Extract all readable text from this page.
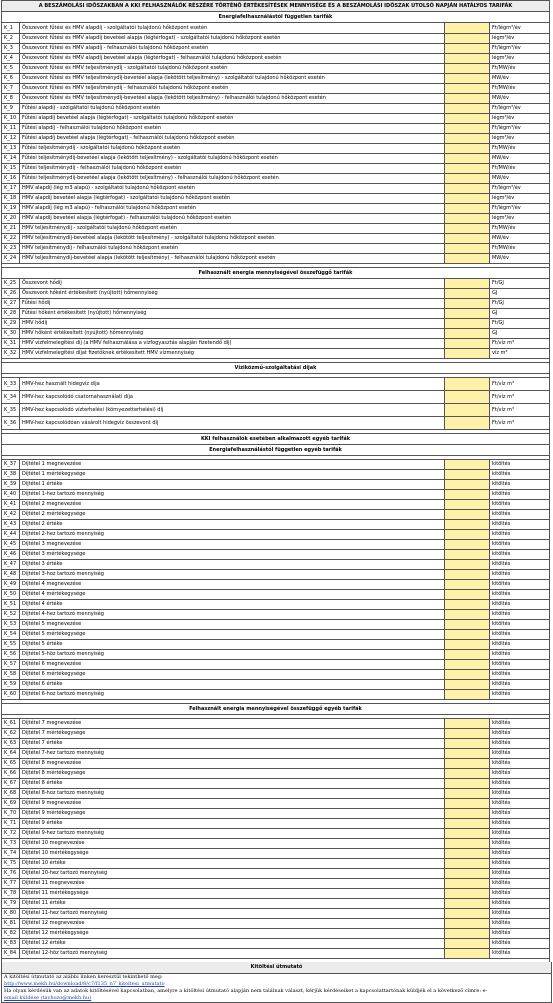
A BESZÁMOLÁSI IDŐSZAKBAN A KKI FELHASZNÁLÓK RÉSZÉRE TÖRTÉNŐ ÉRTÉKESÍTÉSEK MENNYISÉGE ÉS A BESZÁMOLÁSI IDŐSZAK UTOLSÓ NAPJÁN HATÁLYOS TARIFÁK			
Energiafelhasználástól független tarifák			
K_1	Összevont fűtési és HMV alapdíj - szolgáltatói tulajdonú hőközpont esetén		Ft/légm³/év
K_2	Összevont fűtési és HMV alapdíj bevetéel alapja (légtérfogat) - szolgáltatói tulajdonú hőközpont esetén		légm³/év
K_3	Összevont fűtési és HMV alapdíj - felhasználói tulajdonú hőközpont esetén		Ft/légm³/év
K_4	Összevont fűtési és HMV alapdíj bevetéel alapja (légtérfogat) - felhasználói tulajdonú hőközpont esetén		légm³/év
K_5	Összevont fűtési és HMV teljesítménydíj - szolgáltatói tulajdonú hőközpont esetén		Ft/MW/év
K_6	Összevont fűtési és HMV teljesítménydíj-bevetéel alapja (lekötött teljesítmény) - szolgáltatói tulajdonú hőközpont esetén		MW/év
K_7	Összevont fűtési és HMV teljesítménydíj - felhasználói tulajdonú hőközpont esetén		Ft/MW/év
K_8	Összevont fűtési és HMV teljesítménydíj-bevetéel alapja (lekötött teljesítmény) - felhasználói tulajdonú hőközpont esetén		MW/év
K_9	Fűtési alapdíj - szolgáltatói tulajdonú hőközpont esetén		Ft/légm³/év
K_10	Fűtési alapdíj bevetéel alapja (légtérfogat) - szolgáltatói tulajdonú hőközpont esetén		légm³/év
K_11	Fűtési alapdíj - felhasználói tulajdonú hőközpont esetén		Ft/légm³/év
K_12	Fűtési alapdíj bevetéel alapja (légtérfogat) - felhasználói tulajdonú hőközpont esetén		légm³/év
K_13	Fűtési teljesítménydíj - szolgáltatói tulajdonú hőközpont esetén		Ft/MW/év
K_14	Fűtési teljesítménydíj-bevetéel alapja (lekötött teljesítmény) - szolgáltatói tulajdonú hőközpont esetén		MW/év
K_15	Fűtési teljesítménydíj - felhasználói tulajdonú hőközpont esetén		Ft/MW/év
K_16	Fűtési teljesítménydíj-bevetéel alapja (lekötött teljesítmény) - felhasználói tulajdonú hőközpont esetén		MW/év
K_17	HMV alapdíj (lég m3 alapú) - szolgáltatói tulajdonú hőközpont esetén		Ft/légm³/év
K_18	HMV alapdíj bevetéel alapja (légtérfogat) - szolgáltatói tulajdonú hőközpont esetén		légm³/év
K_19	HMV alapdíj (lég m3 alapú) - felhasználói tulajdonú hőközpont esetén		Ft/légm³/év
K_20	HMV alapdíj bevetéel alapja (légtérfogat) - felhasználói tulajdonú hőközpont esetén		légm³/év
K_21	HMV teljesítménydíj - szolgáltatói tulajdonú hőközpont esetén		Ft/MW/év
K_22	HMV teljesítménydíj-bevetéel alapja (lekötött teljesítmény) - szolgáltatói tulajdonú hőközpont esetén		MW/év
K_23	HMV teljesítménydíj - felhasználói tulajdonú hőközpont esetén		Ft/MW/év
K_24	HMV teljesítménydíj-bevetéel alapja (lekötött teljesítmény) - felhasználói tulajdonú hőközpont esetén		MW/év

Felhasznált energia mennyiségével összefüggő tarifák			
K_25	Összevont hődíj		Ft/GJ
K_26	Összevont hőként értékesített (nyújtott) hőmennyiség		GJ
K_27	Fűtési hődíj		Ft/GJ
K_28	Fűtési hőként értékesített (nyújtott) hőmennyiség		GJ
K_29	HMV hődíj		Ft/GJ
K_30	HMV hőként értékesített (nyújtott) hőmennyiség		GJ
K_31	HMV vízfelmelegítési díj (a HMV felhasználása a vízfogyasztás alapján fizetendő díj)		Ft/víz m³
K_32	HMV vízfelmelegítési díjat fizetőknek értékesített HMV vízmennyiség		víz m³

Víziközmű-szolgáltatási díjak			

K_33	HMV-hez használt hidegvíz díja		Ft/víz m³
K_34	HMV-hez kapcsolódó csatornahasználati díja		Ft/víz m³
K_35	HMV-hez kapcsolódó vízterhelési (környezetterhelési) díj		Ft/víz m³
K_36	HMV-hez kapcsolódóan vásárolt hidegvíz összevont díj		Ft/víz m³

KKI felhasználók esetében alkalmazott egyéb tarifák			
Energiafelhasználástól független egyéb tarifák			

K_37	Díjtétel 1 megnevezése		kitöltés
K_38	Díjtétel 1 mértékegysége		kitöltés
K_39	Díjtétel 1 értéke		kitöltés
K_40	Díjtétel 1-hez tartozó mennyiség		kitöltés
K_41	Díjtétel 2 megnevezése		kitöltés
K_42	Díjtétel 2 mértékegysége		kitöltés
K_43	Díjtétel 2 értéke		kitöltés
K_44	Díjtétel 2-hez tartozó mennyiség		kitöltés
K_45	Díjtétel 3 megnevezése		kitöltés
K_46	Díjtétel 3 mértékegysége		kitöltés
K_47	Díjtétel 3 értéke		kitöltés
K_48	Díjtétel 3-hoz tartozó mennyiség		kitöltés
K_49	Díjtétel 4 megnevezése		kitöltés
K_50	Díjtétel 4 mértékegysége		kitöltés
K_51	Díjtétel 4 értéke		kitöltés
K_52	Díjtétel 4-hez tartozó mennyiség		kitöltés
K_53	Díjtétel 5 megnevezése		kitöltés
K_54	Díjtétel 5 mértékegysége		kitöltés
K_55	Díjtétel 5 értéke		kitöltés
K_56	Díjtétel 5-höz tartozó mennyiség		kitöltés
K_57	Díjtétel 6 megnevezése		kitöltés
K_58	Díjtétel 6 mértékegysége		kitöltés
K_59	Díjtétel 6 értéke		kitöltés
K_60	Díjtétel 6-hoz tartozó mennyiség		kitöltés

Felhasznált energia mennyiségével összefüggő egyéb tarifák			

K_61	Díjtétel 7 megnevezése		kitöltés
K_62	Díjtétel 7 mértékegysége		kitöltés
K_63	Díjtétel 7 értéke		kitöltés
K_64	Díjtétel 7-hez tartozó mennyiség		kitöltés
K_65	Díjtétel 8 megnevezése		kitöltés
K_66	Díjtétel 8 mértékegysége		kitöltés
K_67	Díjtétel 8 értéke		kitöltés
K_68	Díjtétel 8-hoz tartozó mennyiség		kitöltés
K_69	Díjtétel 9 megnevezése		kitöltés
K_70	Díjtétel 9 mértékegysége		kitöltés
K_71	Díjtétel 9 értéke		kitöltés
K_72	Díjtétel 9-hez tartozó mennyiség		kitöltés
K_73	Díjtétel 10 megnevezése		kitöltés
K_74	Díjtétel 10 mértékegysége		kitöltés
K_75	Díjtétel 10 értéke		kitöltés
K_76	Díjtétel 10-hez tartozó mennyiség		kitöltés
K_77	Díjtétel 11 megnevezése		kitöltés
K_78	Díjtétel 11 mértékegysége		kitöltés
K_79	Díjtétel 11 értéke		kitöltés
K_80	Díjtétel 11-hez tartozó mennyiség		kitöltés
K_81	Díjtétel 12 megnevezése		kitöltés
K_82	Díjtétel 12 mértékegysége		kitöltés
K_83	Díjtétel 12 értéke		kitöltés
K_84	Díjtétel 12-höz tartozó mennyiség		kitöltés

Kitöltési útmutató
A kitöltési útmutató az alábbi linken keresztül tekinthető meg:
http://www.mekh.hu/download/8/c7/f135_n7_kitoltesi_utmutato
Ha olyan kérdésük van az adatok kitöltésével kapcsolatban, amelyre a kitöltési útmutató alapján nem találnak választ, kérjük kérdéseiket a kapcsolattartónak küldjék el a következő címre: e-
email küldése (tavhozo@mekh.hu)
